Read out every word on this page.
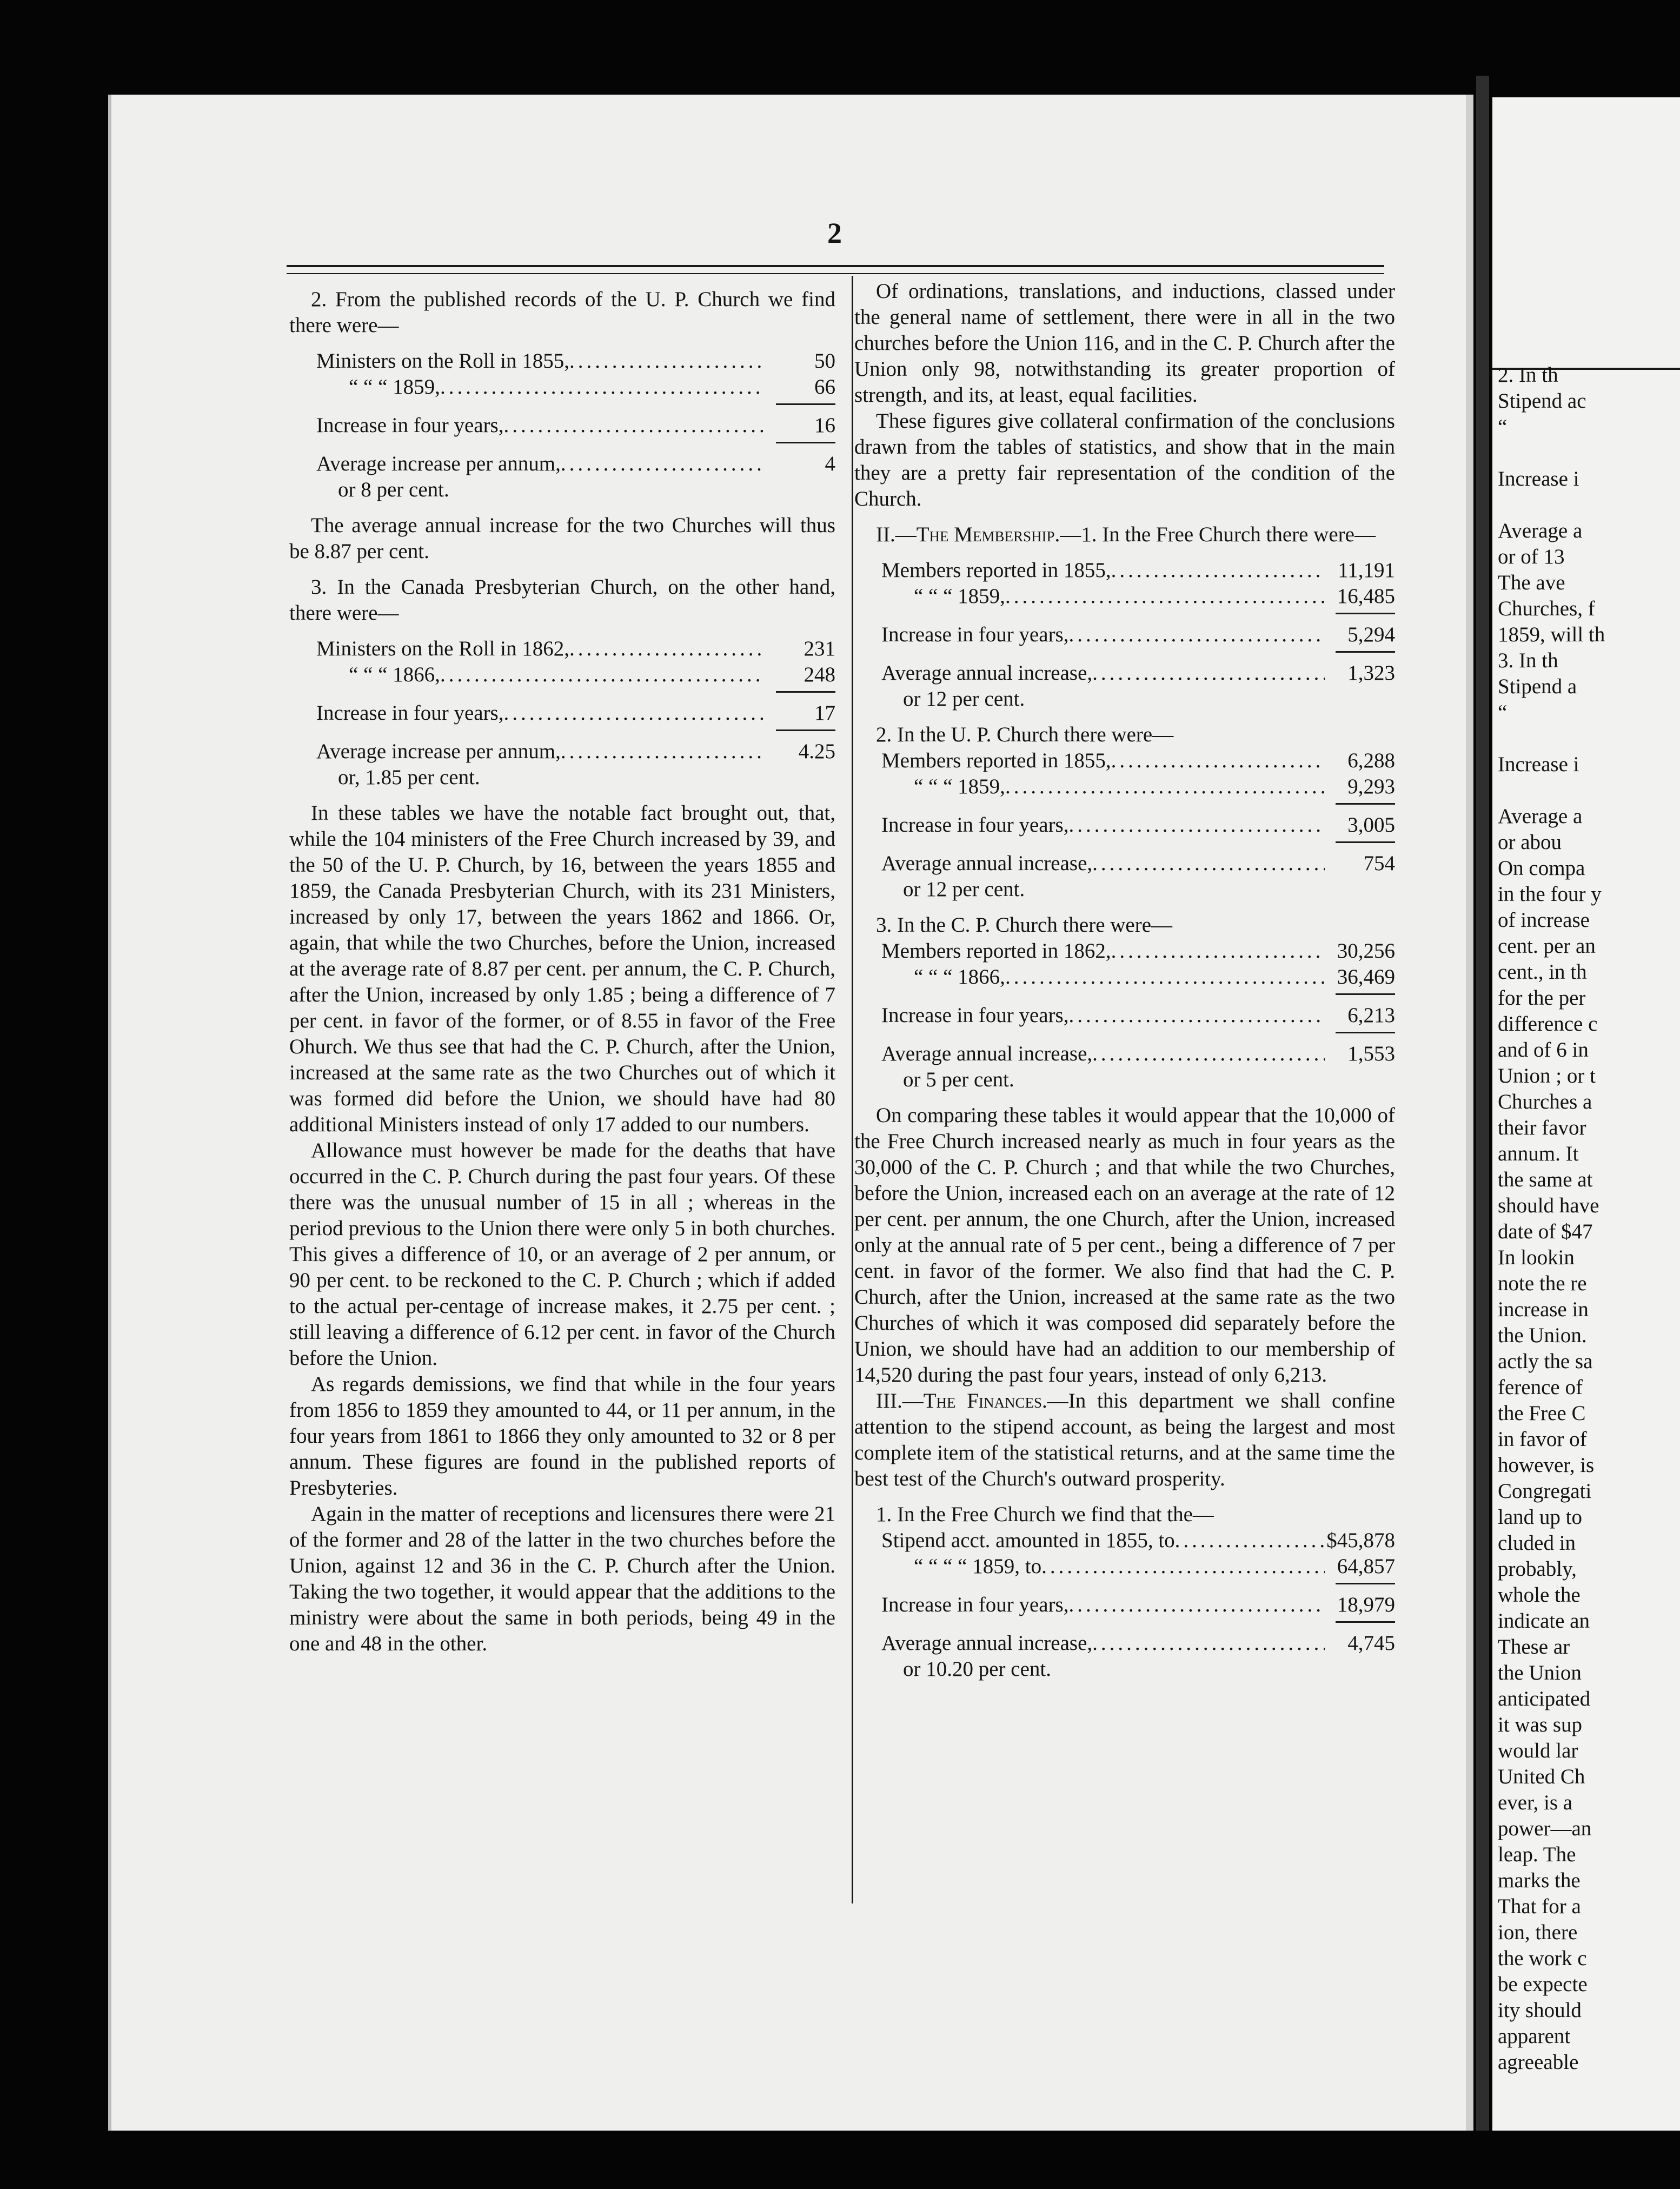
2. In th
Stipend ac
“

Increase i

Average a
or of 13
The ave
Churches, f
1859, will th
3. In th
Stipend a
“

Increase i

Average a
or abou
On compa
in the four y
of increase
cent. per an
cent., in th
for the per
difference c
and of 6 in
Union ; or t
Churches a
their favor
annum. It
the same at
should have
date of $47
In lookin
note the re
increase in
the Union.
actly the sa
ference of
the Free C
in favor of
however, is
Congregati
land up to
cluded in
probably,
whole the
indicate an
These ar
the Union
anticipated
it was sup
would lar
United Ch
ever, is a
power—an
leap. The
marks the
That for a
ion, there
the work c
be expecte
ity should
apparent
agreeable
2

2. From the published records of the U. P. Church we find there were—

Ministers on the Roll in 1855, .....	50
“ “ “ 1859, .....	66
Increase in four years, .....	16
Average increase per annum, .....	4
or 8 per cent.

The average annual increase for the two Churches will thus be 8.87 per cent.

3. In the Canada Presbyterian Church, on the other hand, there were—

Ministers on the Roll in 1862, .....	231
“ “ “ 1866, .....	248
Increase in four years, .....	17
Average increase per annum, .....	4.25
or, 1.85 per cent.

In these tables we have the notable fact brought out, that, while the 104 ministers of the Free Church increased by 39, and the 50 of the U. P. Church, by 16, between the years 1855 and 1859, the Canada Presbyterian Church, with its 231 Ministers, increased by only 17, between the years 1862 and 1866. Or, again, that while the two Churches, before the Union, increased at the average rate of 8.87 per cent. per annum, the C. P. Church, after the Union, increased by only 1.85 ; being a difference of 7 per cent. in favor of the former, or of 8.55 in favor of the Free Ohurch. We thus see that had the C. P. Church, after the Union, increased at the same rate as the two Churches out of which it was formed did before the Union, we should have had 80 additional Ministers instead of only 17 added to our numbers.

Allowance must however be made for the deaths that have occurred in the C. P. Church during the past four years. Of these there was the unusual number of 15 in all ; whereas in the period previous to the Union there were only 5 in both churches. This gives a difference of 10, or an average of 2 per annum, or 90 per cent. to be reckoned to the C. P. Church ; which if added to the actual per-centage of increase makes, it 2.75 per cent. ; still leaving a difference of 6.12 per cent. in favor of the Church before the Union.

As regards demissions, we find that while in the four years from 1856 to 1859 they amounted to 44, or 11 per annum, in the four years from 1861 to 1866 they only amounted to 32 or 8 per annum. These figures are found in the published reports of Presbyteries.

Again in the matter of receptions and licensures there were 21 of the former and 28 of the latter in the two churches before the Union, against 12 and 36 in the C. P. Church after the Union. Taking the two together, it would appear that the additions to the ministry were about the same in both periods, being 49 in the one and 48 in the other.

Of ordinations, translations, and inductions, classed under the general name of settlement, there were in all in the two churches before the Union 116, and in the C. P. Church after the Union only 98, notwithstanding its greater proportion of strength, and its, at least, equal facilities.

These figures give collateral confirmation of the conclusions drawn from the tables of statistics, and show that in the main they are a pretty fair representation of the condition of the Church.

II.—The Membership.—1. In the Free Church there were—

Members reported in 1855, .....	11,191
“ “ “ 1859, .....	16,485
Increase in four years, .....	5,294
Average annual increase, .....	1,323
or 12 per cent.

2. In the U. P. Church there were—

Members reported in 1855, .....	6,288
“ “ “ 1859, .....	9,293
Increase in four years, .....	3,005
Average annual increase, .....	754
or 12 per cent.

3. In the C. P. Church there were—

Members reported in 1862, .....	30,256
“ “ “ 1866, .....	36,469
Increase in four years, .....	6,213
Average annual increase, .....	1,553
or 5 per cent.

On comparing these tables it would appear that the 10,000 of the Free Church increased nearly as much in four years as the 30,000 of the C. P. Church ; and that while the two Churches, before the Union, increased each on an average at the rate of 12 per cent. per annum, the one Church, after the Union, increased only at the annual rate of 5 per cent., being a difference of 7 per cent. in favor of the former. We also find that had the C. P. Church, after the Union, increased at the same rate as the two Churches of which it was composed did separately before the Union, we should have had an addition to our membership of 14,520 during the past four years, instead of only 6,213.

III.—The Finances.—In this department we shall confine attention to the stipend account, as being the largest and most complete item of the statistical returns, and at the same time the best test of the Church's outward prosperity.

1. In the Free Church we find that the—

Stipend acct. amounted in 1855, to .....	$45,878
“ “ “ “ 1859, to .....	64,857
Increase in four years, .....	18,979
Average annual increase, .....	4,745
or 10.20 per cent.
